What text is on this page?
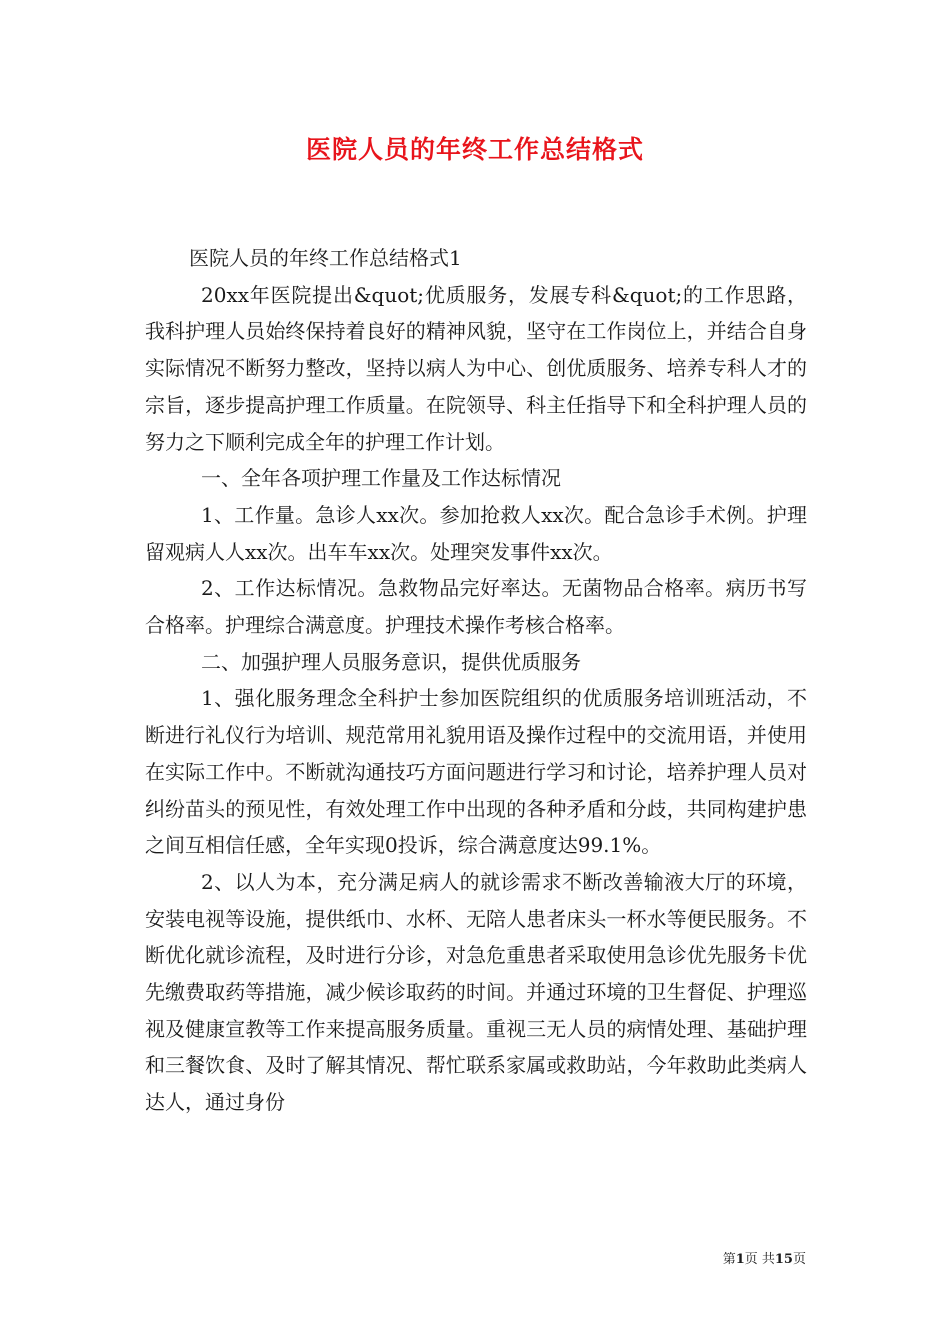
医院人员的年终工作总结格式

医院人员的年终工作总结格式1

20xx年医院提出&quot;优质服务，发展专科&quot;的工作思路，我科护理人员始终保持着良好的精神风貌，坚守在工作岗位上，并结合自身实际情况不断努力整改，坚持以病人为中心、创优质服务、培养专科人才的宗旨，逐步提高护理工作质量。在院领导、科主任指导下和全科护理人员的努力之下顺利完成全年的护理工作计划。

一、全年各项护理工作量及工作达标情况

1、工作量。急诊人xx次。参加抢救人xx次。配合急诊手术例。护理留观病人人xx次。出车车xx次。处理突发事件xx次。

2、工作达标情况。急救物品完好率达。无菌物品合格率。病历书写合格率。护理综合满意度。护理技术操作考核合格率。

二、加强护理人员服务意识，提供优质服务

1、强化服务理念全科护士参加医院组织的优质服务培训班活动，不断进行礼仪行为培训、规范常用礼貌用语及操作过程中的交流用语，并使用在实际工作中。不断就沟通技巧方面问题进行学习和讨论，培养护理人员对纠纷苗头的预见性，有效处理工作中出现的各种矛盾和分歧，共同构建护患之间互相信任感，全年实现0投诉，综合满意度达99.1%。

2、以人为本，充分满足病人的就诊需求不断改善输液大厅的环境，安装电视等设施，提供纸巾、水杯、无陪人患者床头一杯水等便民服务。不断优化就诊流程，及时进行分诊，对急危重患者采取使用急诊优先服务卡优先缴费取药等措施，减少候诊取药的时间。并通过环境的卫生督促、护理巡视及健康宣教等工作来提高服务质量。重视三无人员的病情处理、基础护理和三餐饮食、及时了解其情况、帮忙联系家属或救助站，今年救助此类病人达人，通过身份

第1页 共15页
